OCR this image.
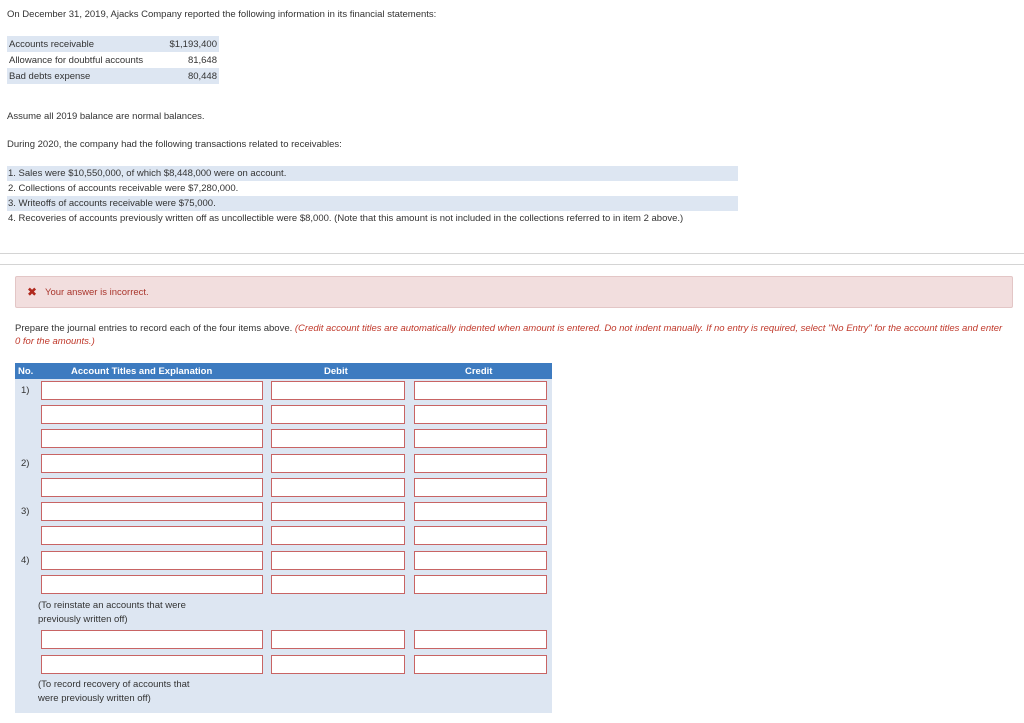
On December 31, 2019, Ajacks Company reported the following information in its financial statements:
Accounts receivable	$1,193,400
Allowance for doubtful accounts	81,648
Bad debts expense	80,448
Assume all 2019 balance are normal balances.
During 2020, the company had the following transactions related to receivables:
1. Sales were $10,550,000, of which $8,448,000 were on account.
2. Collections of accounts receivable were $7,280,000.
3. Writeoffs of accounts receivable were $75,000.
4. Recoveries of accounts previously written off as uncollectible were $8,000. (Note that this amount is not included in the collections referred to in item 2 above.)
✖ Your answer is incorrect.
Prepare the journal entries to record each of the four items above. (Credit account titles are automatically indented when amount is entered. Do not indent manually. If no entry is required, select "No Entry" for the account titles and enter 0 for the amounts.)
No.	Account Titles and Explanation	Debit	Credit
1)
2)
3)
4)
(To reinstate an accounts that were previously written off)
(To record recovery of accounts that were previously written off)
